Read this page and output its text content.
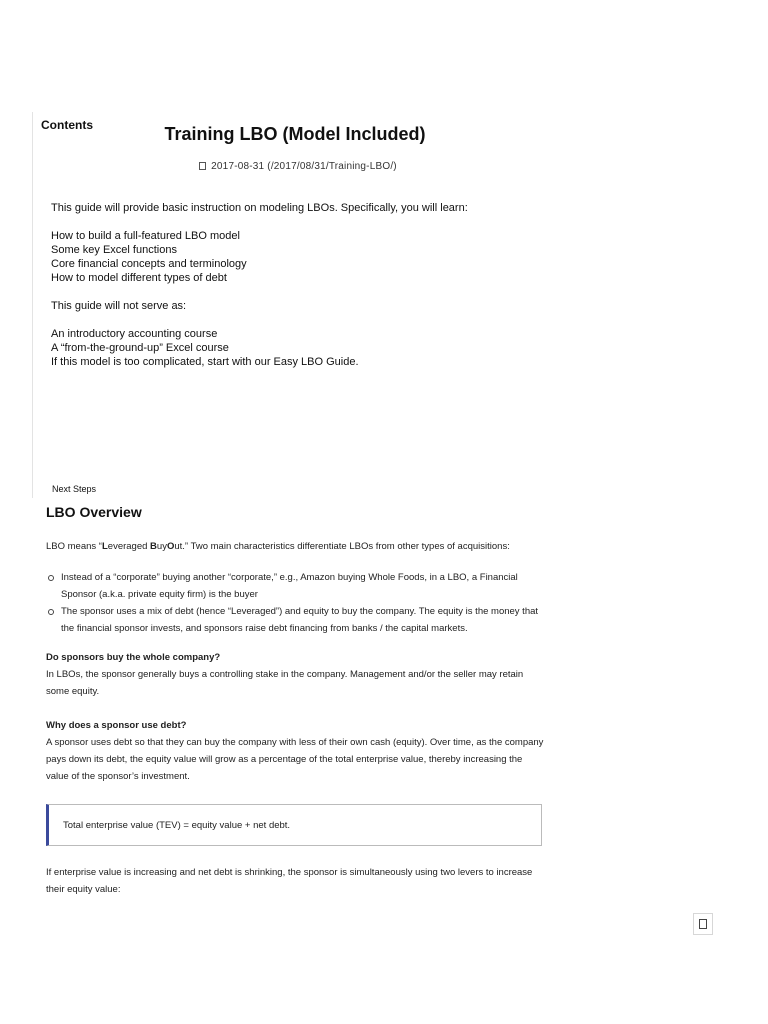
Contents	Training LBO (Model Included)
2017-08-31 (/2017/08/31/Training-LBO/)
This guide will provide basic instruction on modeling LBOs. Specifically, you will learn:
How to build a full-featured LBO model
Some key Excel functions
Core financial concepts and terminology
How to model different types of debt
This guide will not serve as:
An introductory accounting course
A “from-the-ground-up” Excel course
If this model is too complicated, start with our Easy LBO Guide.
Next Steps
LBO Overview

LBO means “Leveraged BuyOut.” Two main characteristics differentiate LBOs from other types of acquisitions:

Instead of a “corporate” buying another “corporate,” e.g., Amazon buying Whole Foods, in a LBO, a Financial Sponsor (a.k.a. private equity firm) is the buyer
The sponsor uses a mix of debt (hence “Leveraged”) and equity to buy the company. The equity is the money that the financial sponsor invests, and sponsors raise debt financing from banks / the capital markets.

Do sponsors buy the whole company?

In LBOs, the sponsor generally buys a controlling stake in the company. Management and/or the seller may retain some equity.

Why does a sponsor use debt?

A sponsor uses debt so that they can buy the company with less of their own cash (equity). Over time, as the company pays down its debt, the equity value will grow as a percentage of the total enterprise value, thereby increasing the value of the sponsor’s investment.

Total enterprise value (TEV) = equity value + net debt.

If enterprise value is increasing and net debt is shrinking, the sponsor is simultaneously using two levers to increase their equity value:
